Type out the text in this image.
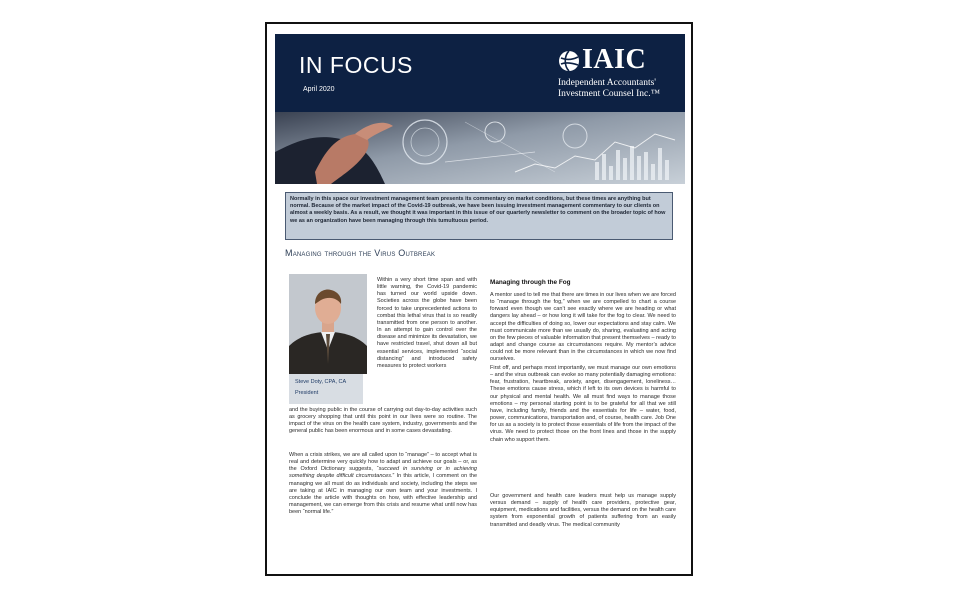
IN FOCUS
April 2020
IAIC
Independent Accountants'
Investment Counsel Inc.™
Normally in this space our investment management team presents its commentary on market conditions, but these times are anything but normal. Because of the market impact of the Covid-19 outbreak, we have been issuing investment management commentary to our clients on almost a weekly basis. As a result, we thought it was important in this issue of our quarterly newsletter to comment on the broader topic of how we as an organization have been managing through this tumultuous period.
Managing through the Virus Outbreak
Steve Doty, CPA, CA
President

Within a very short time span and with little warning, the Covid-19 pandemic has turned our world upside down. Societies across the globe have been forced to take unprecedented actions to combat this lethal virus that is so readily transmitted from one person to another. In an attempt to gain control over the disease and minimize its devastation, we have restricted travel, shut down all but essential services, implemented “social distancing” and introduced safety measures to protect workers

and the buying public in the course of carrying out day-to-day activities such as grocery shopping that until this point in our lives were so routine. The impact of the virus on the health care system, industry, governments and the general public has been enormous and in some cases devastating.

When a crisis strikes, we are all called upon to “manage” – to accept what is real and determine very quickly how to adapt and achieve our goals – or, as the Oxford Dictionary suggests, “succeed in surviving or in achieving something despite difficult circumstances.” In this article, I comment on the managing we all must do as individuals and society, including the steps we are taking at IAIC in managing our own team and your investments. I conclude the article with thoughts on how, with effective leadership and management, we can emerge from this crisis and resume what until now has been “normal life.”

Managing through the Fog

A mentor used to tell me that there are times in our lives when we are forced to “manage through the fog,” when we are compelled to chart a course forward even though we can’t see exactly where we are heading or what dangers lay ahead – or how long it will take for the fog to clear. We need to accept the difficulties of doing so, lower our expectations and stay calm. We must communicate more than we usually do, sharing, evaluating and acting on the few pieces of valuable information that present themselves – ready to adapt and change course as circumstances require. My mentor’s advice could not be more relevant than in the circumstances in which we now find ourselves.

First off, and perhaps most importantly, we must manage our own emotions – and the virus outbreak can evoke so many potentially damaging emotions: fear, frustration, heartbreak, anxiety, anger, disengagement, loneliness… These emotions cause stress, which if left to its own devices is harmful to our physical and mental health. We all must find ways to manage those emotions – my personal starting point is to be grateful for all that we still have, including family, friends and the essentials for life – water, food, power, communications, transportation and, of course, health care. Job One for us as a society is to protect those essentials of life from the impact of the virus. We need to protect those on the front lines and those in the supply chain who support them.

Our government and health care leaders must help us manage supply versus demand – supply of health care providers, protective gear, equipment, medications and facilities, versus the demand on the health care system from exponential growth of patients suffering from an easily transmitted and deadly virus. The medical community
